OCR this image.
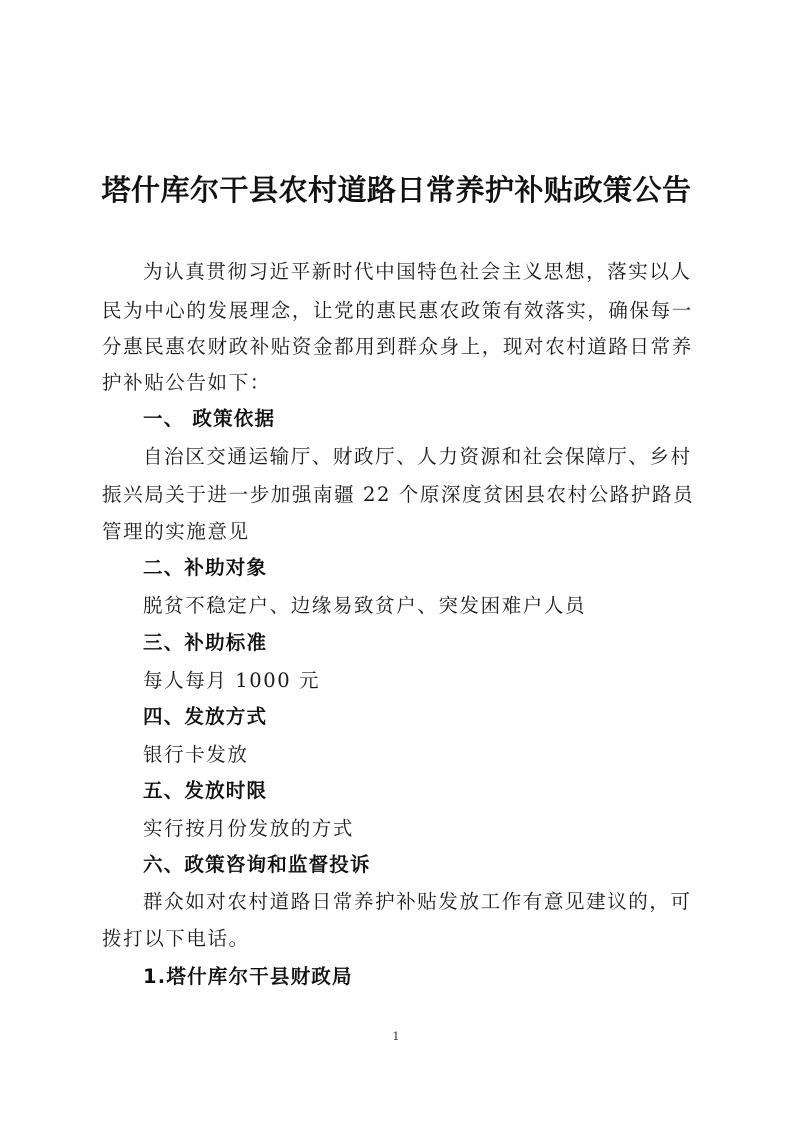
塔什库尔干县农村道路日常养护补贴政策公告
为认真贯彻习近平新时代中国特色社会主义思想，落实以人
民为中心的发展理念，让党的惠民惠农政策有效落实，确保每一
分惠民惠农财政补贴资金都用到群众身上，现对农村道路日常养
护补贴公告如下：
一、 政策依据
自治区交通运输厅、财政厅、人力资源和社会保障厅、乡村
振兴局关于进一步加强南疆 22 个原深度贫困县农村公路护路员
管理的实施意见
二、补助对象
脱贫不稳定户、边缘易致贫户、突发困难户人员
三、补助标准
每人每月 1000 元
四、发放方式
银行卡发放
五、发放时限
实行按月份发放的方式
六、政策咨询和监督投诉
群众如对农村道路日常养护补贴发放工作有意见建议的，可
拨打以下电话。
1.塔什库尔干县财政局
1
